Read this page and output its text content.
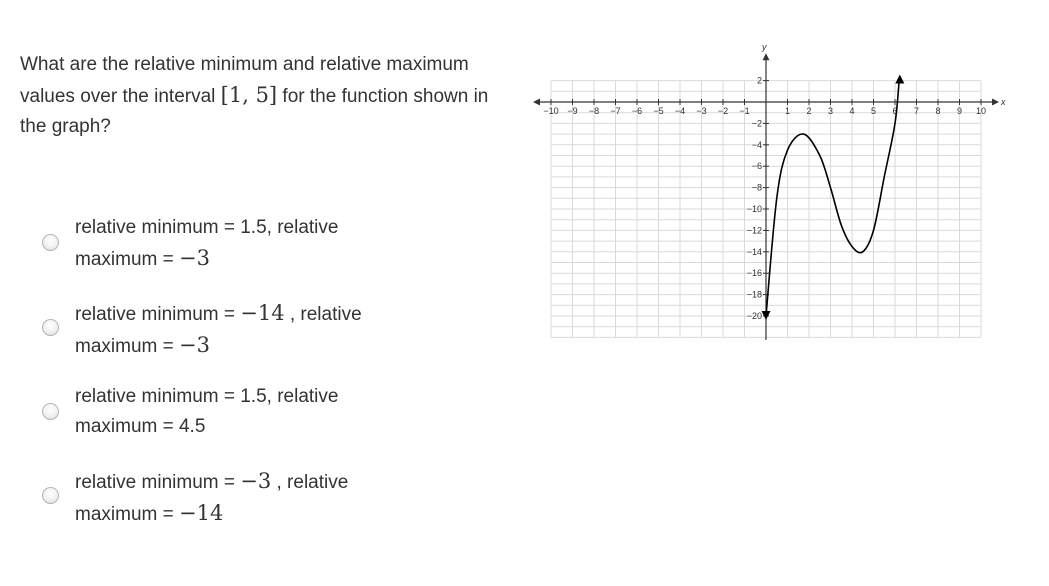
What are the relative minimum and relative maximum values over the interval [1, 5] for the function shown in the graph?
relative minimum = 1.5, relative
maximum = −3
relative minimum = −14 , relative
maximum = −3
relative minimum = 1.5, relative
maximum = 4.5
relative minimum = −3 , relative
maximum = −14
x
y
−10 −9 −8 −7 −6 −5 −4 −3 −2 −1	1 2 3 4 5 6 7 8 9 10
2
−2
−4
−6
−8
−10
−12
−14
−16
−18
−20
